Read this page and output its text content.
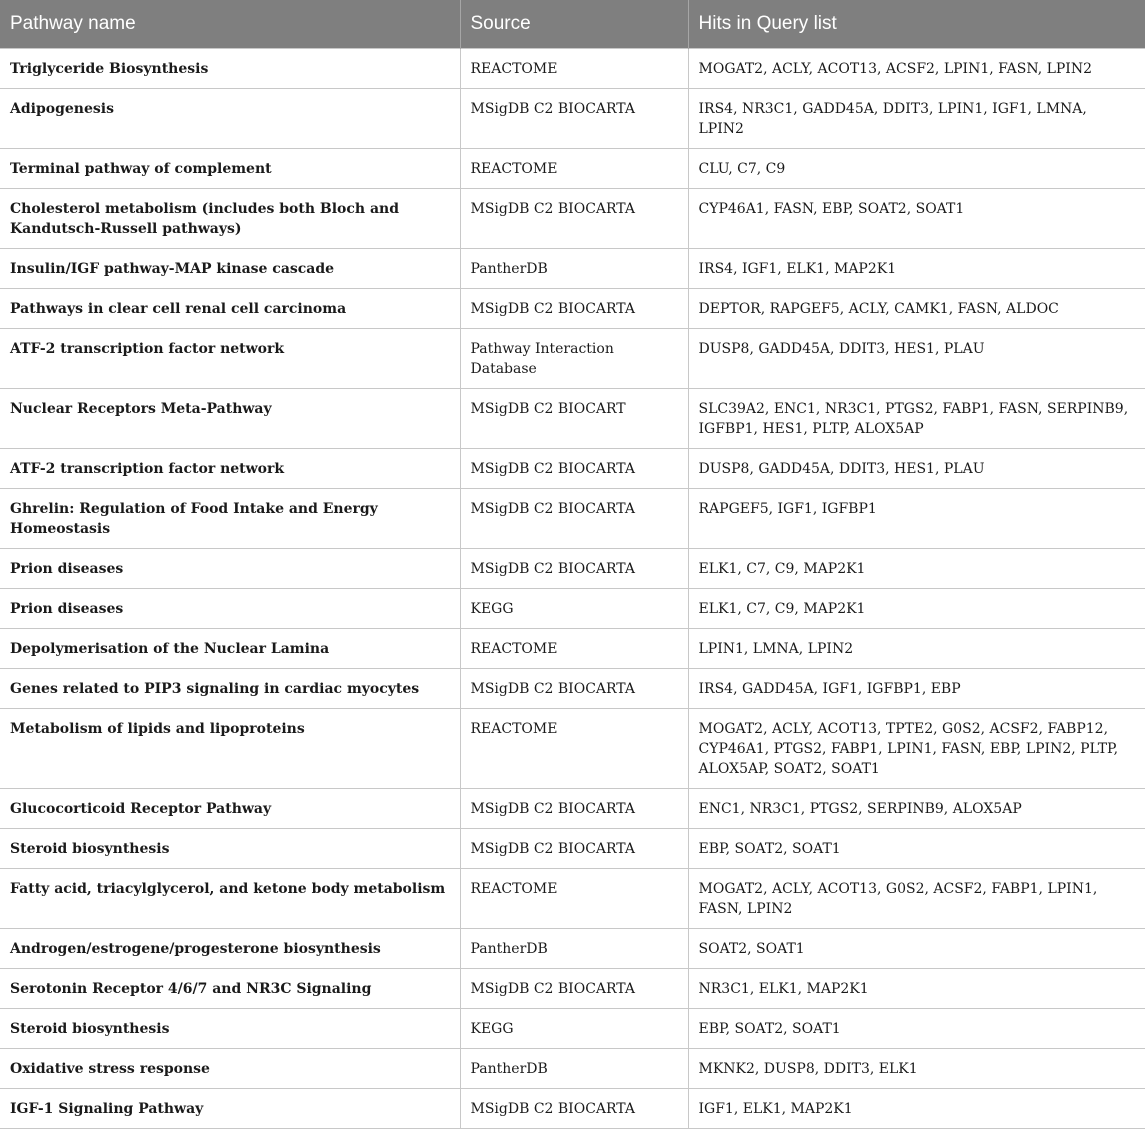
Pathway name	Source	Hits in Query list
Triglyceride Biosynthesis	REACTOME	MOGAT2, ACLY, ACOT13, ACSF2, LPIN1, FASN, LPIN2
Adipogenesis	MSigDB C2 BIOCARTA	IRS4, NR3C1, GADD45A, DDIT3, LPIN1, IGF1, LMNA, LPIN2
Terminal pathway of complement	REACTOME	CLU, C7, C9
Cholesterol metabolism (includes both Bloch and Kandutsch-Russell pathways)	MSigDB C2 BIOCARTA	CYP46A1, FASN, EBP, SOAT2, SOAT1
Insulin/IGF pathway-MAP kinase cascade	PantherDB	IRS4, IGF1, ELK1, MAP2K1
Pathways in clear cell renal cell carcinoma	MSigDB C2 BIOCARTA	DEPTOR, RAPGEF5, ACLY, CAMK1, FASN, ALDOC
ATF-2 transcription factor network	Pathway Interaction Database	DUSP8, GADD45A, DDIT3, HES1, PLAU
Nuclear Receptors Meta-Pathway	MSigDB C2 BIOCART	SLC39A2, ENC1, NR3C1, PTGS2, FABP1, FASN, SERPINB9, IGFBP1, HES1, PLTP, ALOX5AP
ATF-2 transcription factor network	MSigDB C2 BIOCARTA	DUSP8, GADD45A, DDIT3, HES1, PLAU
Ghrelin: Regulation of Food Intake and Energy Homeostasis	MSigDB C2 BIOCARTA	RAPGEF5, IGF1, IGFBP1
Prion diseases	MSigDB C2 BIOCARTA	ELK1, C7, C9, MAP2K1
Prion diseases	KEGG	ELK1, C7, C9, MAP2K1
Depolymerisation of the Nuclear Lamina	REACTOME	LPIN1, LMNA, LPIN2
Genes related to PIP3 signaling in cardiac myocytes	MSigDB C2 BIOCARTA	IRS4, GADD45A, IGF1, IGFBP1, EBP
Metabolism of lipids and lipoproteins	REACTOME	MOGAT2, ACLY, ACOT13, TPTE2, G0S2, ACSF2, FABP12, CYP46A1, PTGS2, FABP1, LPIN1, FASN, EBP, LPIN2, PLTP, ALOX5AP, SOAT2, SOAT1
Glucocorticoid Receptor Pathway	MSigDB C2 BIOCARTA	ENC1, NR3C1, PTGS2, SERPINB9, ALOX5AP
Steroid biosynthesis	MSigDB C2 BIOCARTA	EBP, SOAT2, SOAT1
Fatty acid, triacylglycerol, and ketone body metabolism	REACTOME	MOGAT2, ACLY, ACOT13, G0S2, ACSF2, FABP1, LPIN1, FASN, LPIN2
Androgen/estrogene/progesterone biosynthesis	PantherDB	SOAT2, SOAT1
Serotonin Receptor 4/6/7 and NR3C Signaling	MSigDB C2 BIOCARTA	NR3C1, ELK1, MAP2K1
Steroid biosynthesis	KEGG	EBP, SOAT2, SOAT1
Oxidative stress response	PantherDB	MKNK2, DUSP8, DDIT3, ELK1
IGF-1 Signaling Pathway	MSigDB C2 BIOCARTA	IGF1, ELK1, MAP2K1
